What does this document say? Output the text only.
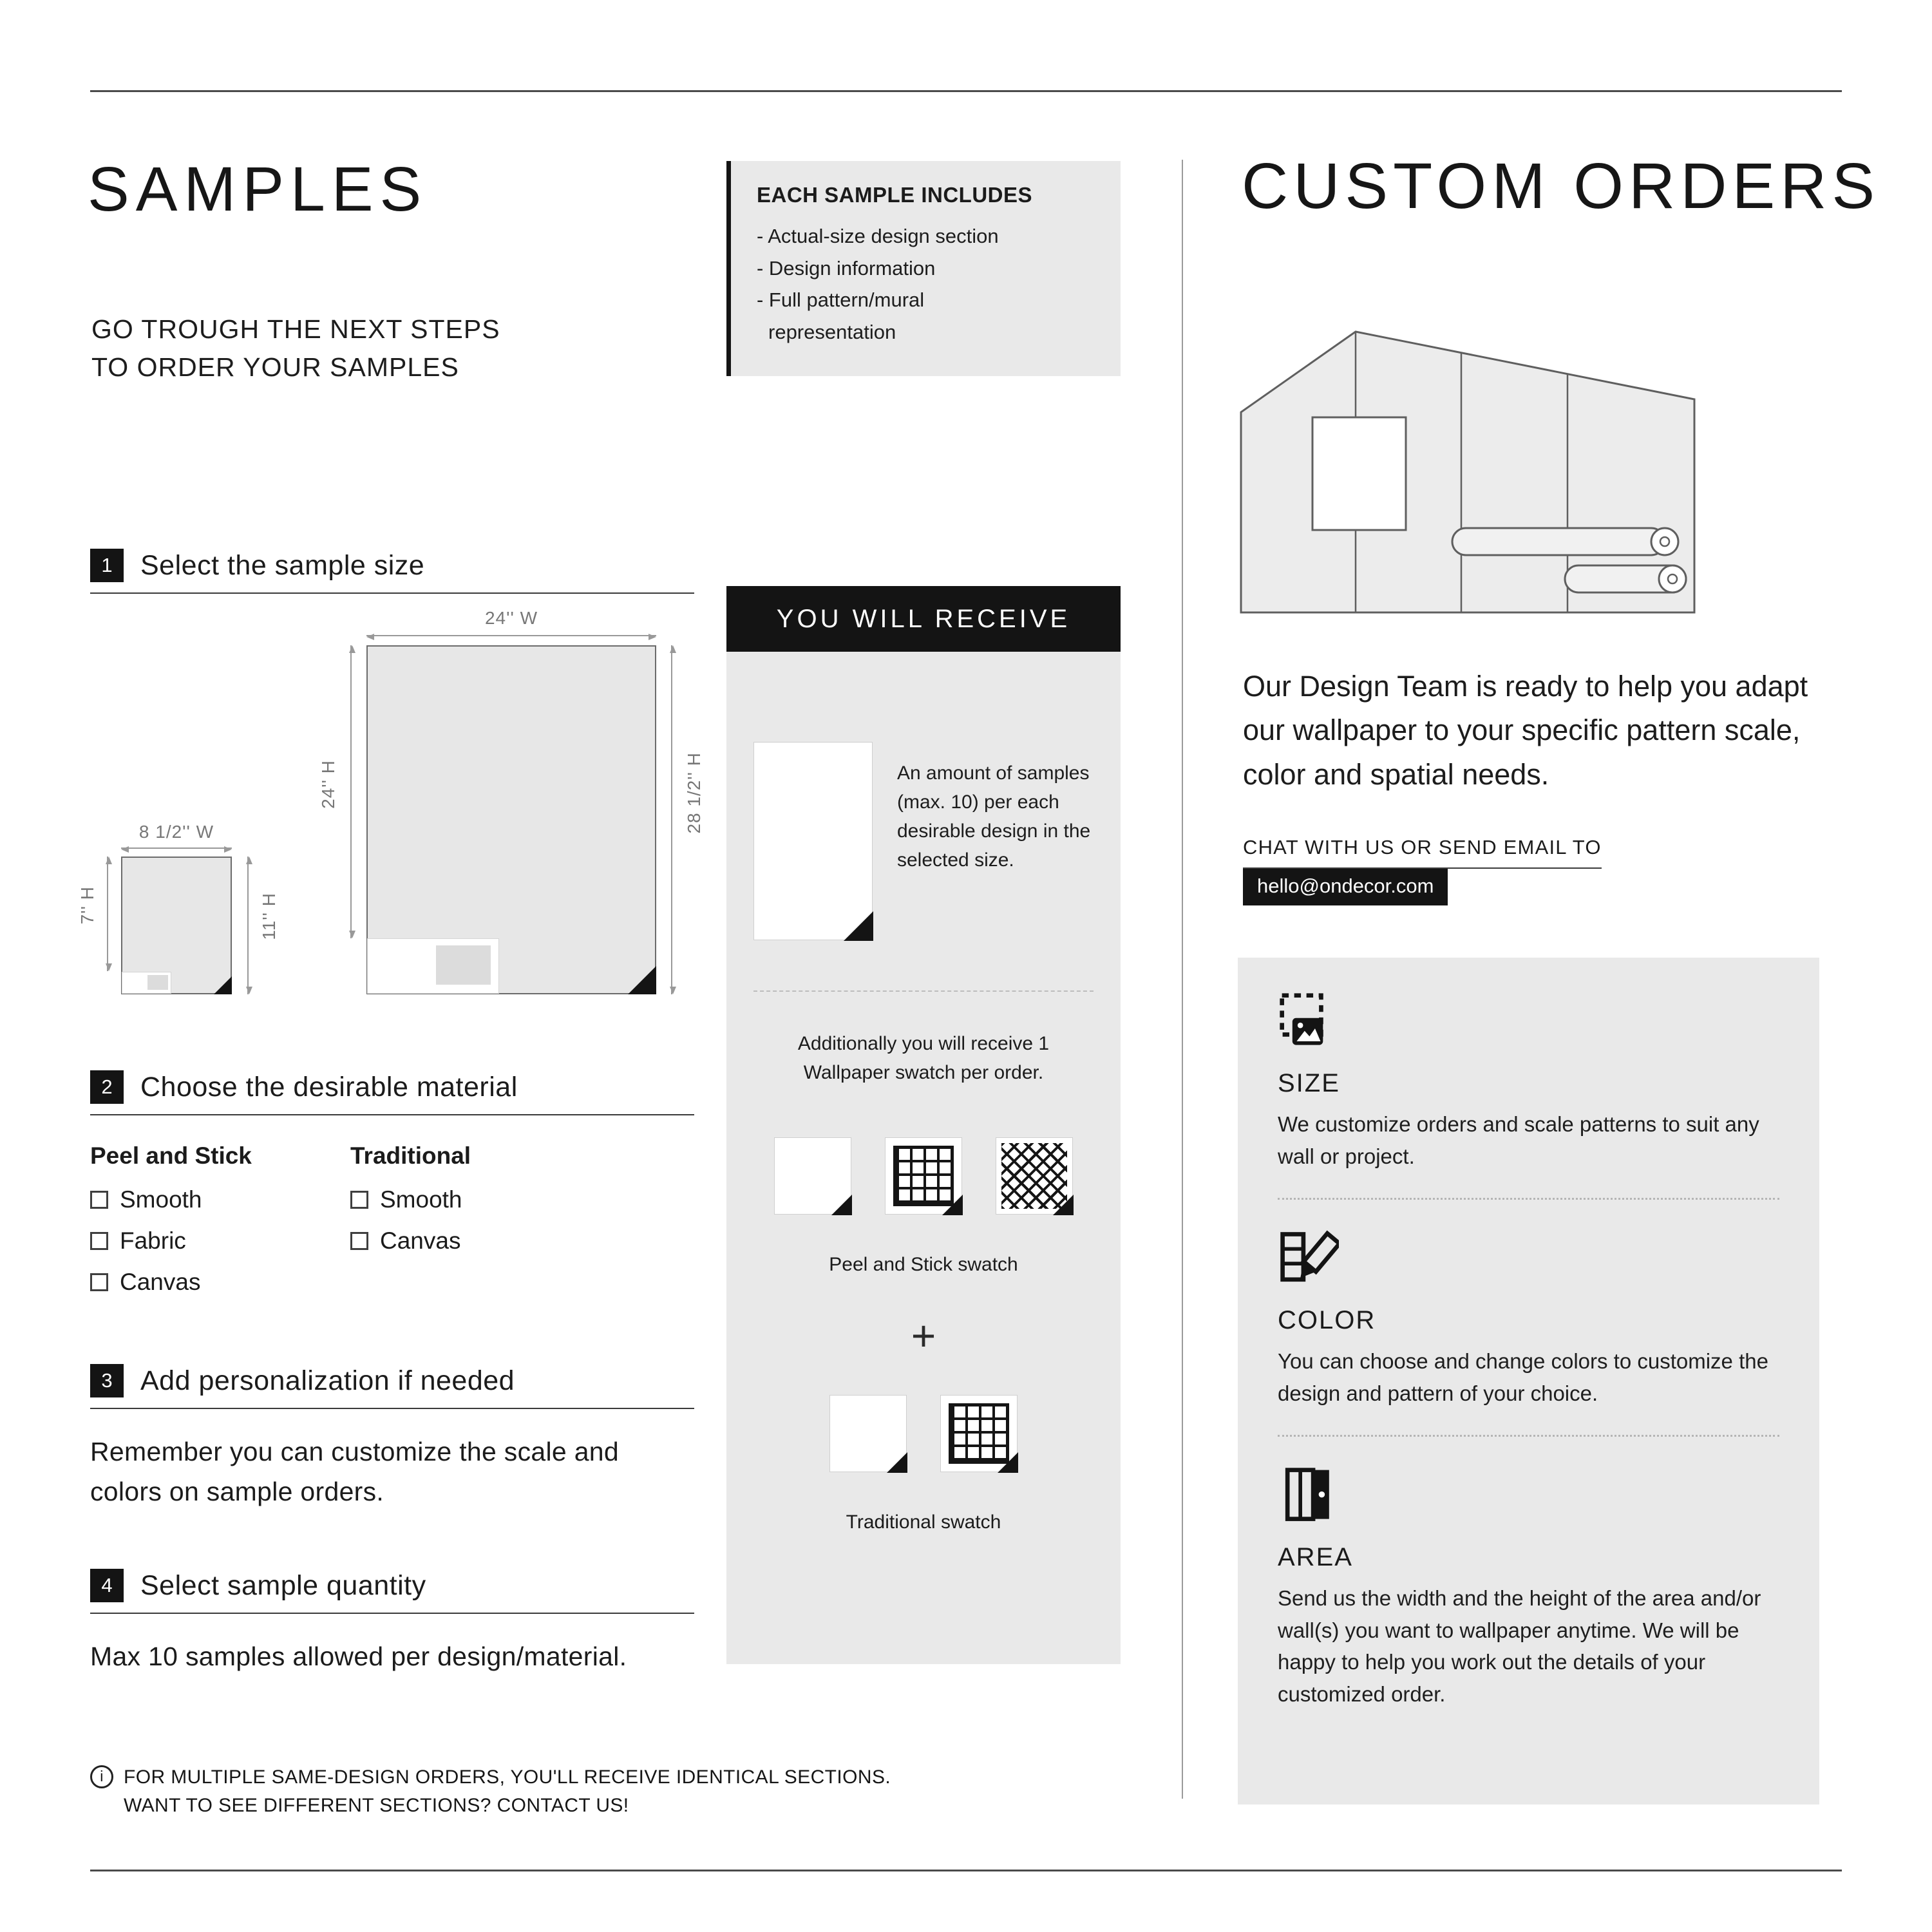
SAMPLES
GO TROUGH THE NEXT STEPS
TO ORDER YOUR SAMPLES
EACH SAMPLE INCLUDES
- Actual-size design section
- Design information
- Full pattern/mural
representation
1	Select the sample size
24'' W
24'' H	28 1/2'' H
8 1/2'' W
7'' H	11'' H
2	Choose the desirable material
Peel and Stick
Smooth
Fabric
Canvas
Traditional
Smooth
Canvas
3	Add personalization if needed
Remember you can customize the scale and colors on sample orders.
4	Select sample quantity
Max 10 samples allowed per design/material.
i	FOR MULTIPLE SAME-DESIGN ORDERS, YOU'LL RECEIVE IDENTICAL SECTIONS. WANT TO SEE DIFFERENT SECTIONS? CONTACT US!
YOU WILL RECEIVE
An amount of samples (max. 10) per each desirable design in the selected size.
Additionally you will receive 1 Wallpaper swatch per order.
Peel and Stick swatch
+
Traditional swatch
CUSTOM ORDERS
Our Design Team is ready to help you adapt our wallpaper to your specific pattern scale, color and spatial needs.
CHAT WITH US OR SEND EMAIL TO
hello@ondecor.com
SIZE
We customize orders and scale patterns to suit any wall or project.
COLOR
You can choose and change colors to customize the design and pattern of your choice.
AREA
Send us the width and the height of the area and/or wall(s) you want to wallpaper anytime. We will be happy to help you work out the details of your customized order.
